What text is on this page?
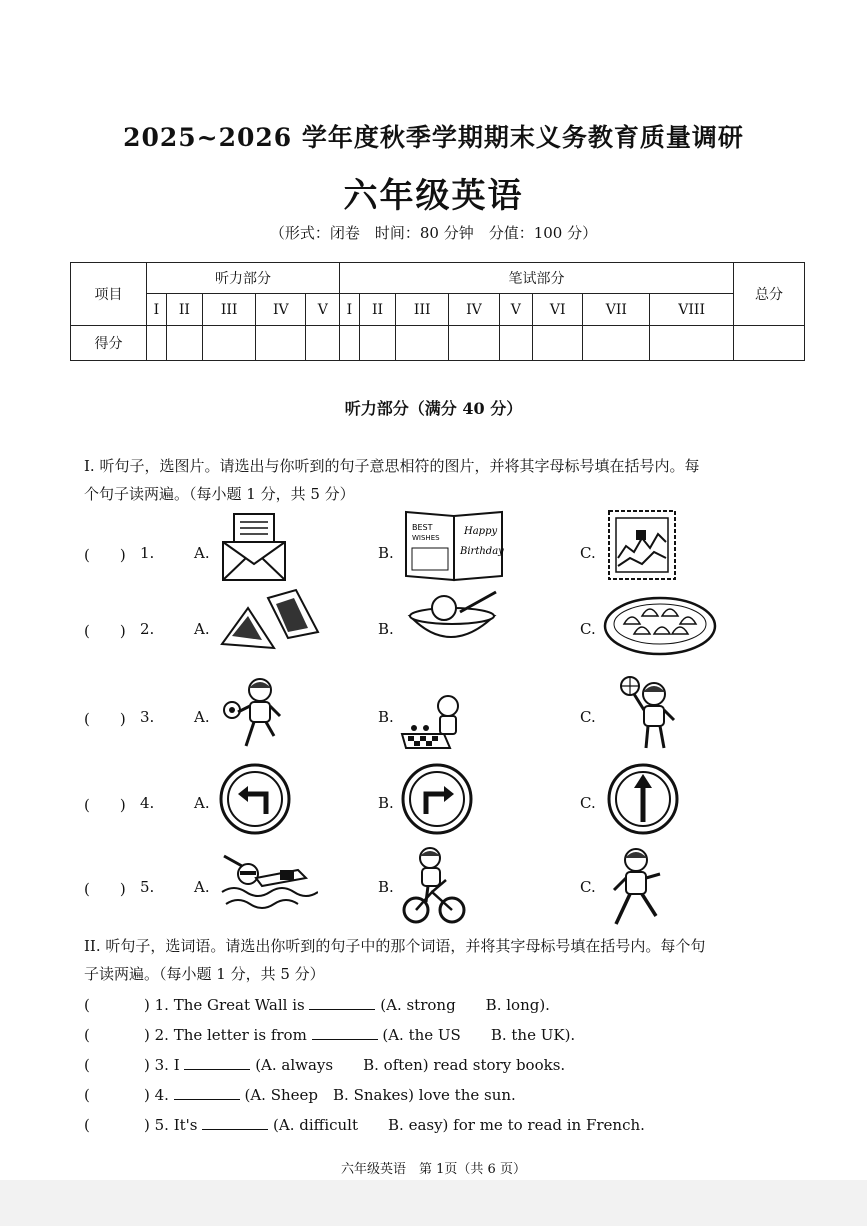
2025~2026 学年度秋季学期期末义务教育质量调研
六年级英语
（形式：闭卷　时间：80 分钟　分值：100 分）
项目	听力部分					笔试部分								总分
	I	II	III	IV	V	I	II	III	IV	V	VI	VII	VIII	
得分														
听力部分（满分 40 分）
I. 听句子，选图片。请选出与你听到的句子意思相符的图片，并将其字母标号填在括号内。每
个句子读两遍。（每小题 1 分，共 5 分）
(　　) 1.	A.	B.
BEST
WISHES
Happy
Birthday	C.
(　　) 2.	A.	B.	C.
(　　) 3.	A.	B.	C.
(　　) 4.	A.	B.	C.
(　　) 5.	A.	B.	C.
II. 听句子，选词语。请选出你听到的句子中的那个词语，并将其字母标号填在括号内。每个句
子读两遍。（每小题 1 分，共 5 分）
(	) 1. The Great Wall is	(A. strong　　B. long).
(	) 2. The letter is from	(A. the US　　B. the UK).
(	) 3. I	(A. always　　B. often) read story books.
(	) 4.	(A. Sheep　B. Snakes) love the sun.
(	) 5. It's	(A. difficult　　B. easy) for me to read in French.
六年级英语　第 1页（共 6 页）
